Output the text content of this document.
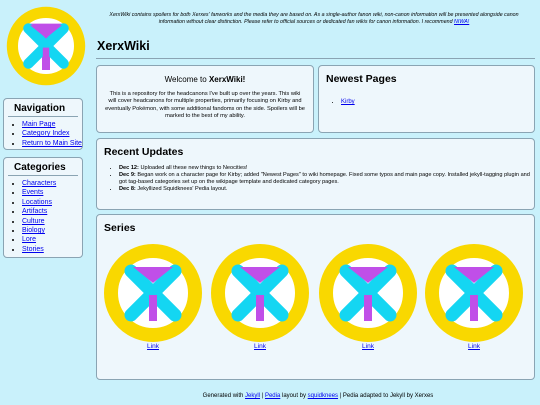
Navigation
• Main Page
• Category Index
• Return to Main Site
Categories
• Characters
• Events
• Locations
• Artifacts
• Culture
• Biology
• Lore
• Stories
XerxWiki contains spoilers for both Xerxes' fanworks and the media they are based on. As a single-author fanon wiki, non-canon information will be presented alongside canon information without clear distinction. Please refer to official sources or dedicated fan wikis for canon information. I recommend NIWA!
XerxWiki
Welcome to XerxWiki!
This is a repository for the headcanons I've built up over the years. This wiki will cover headcanons for multiple properties, primarily focusing on Kirby and eventually Pokémon, with some additional fandoms on the side. Spoilers will be marked to the best of my ability.
Newest Pages
• Kirby
Recent Updates
• Dec 12: Uploaded all these new things to Neocities!
• Dec 9: Began work on a character page for Kirby; added "Newest Pages" to wiki homepage. Fixed some typos and main page copy. Installed jekyll-tagging plugin and got tag-based categories set up on the wikipage template and dedicated category pages.
• Dec 8: Jekyllized Squidknees' Pedia layout.
Series
Link	Link	Link	Link
Generated with Jekyll | Pedia layout by squidknees | Pedia adapted to Jekyll by Xerxes
